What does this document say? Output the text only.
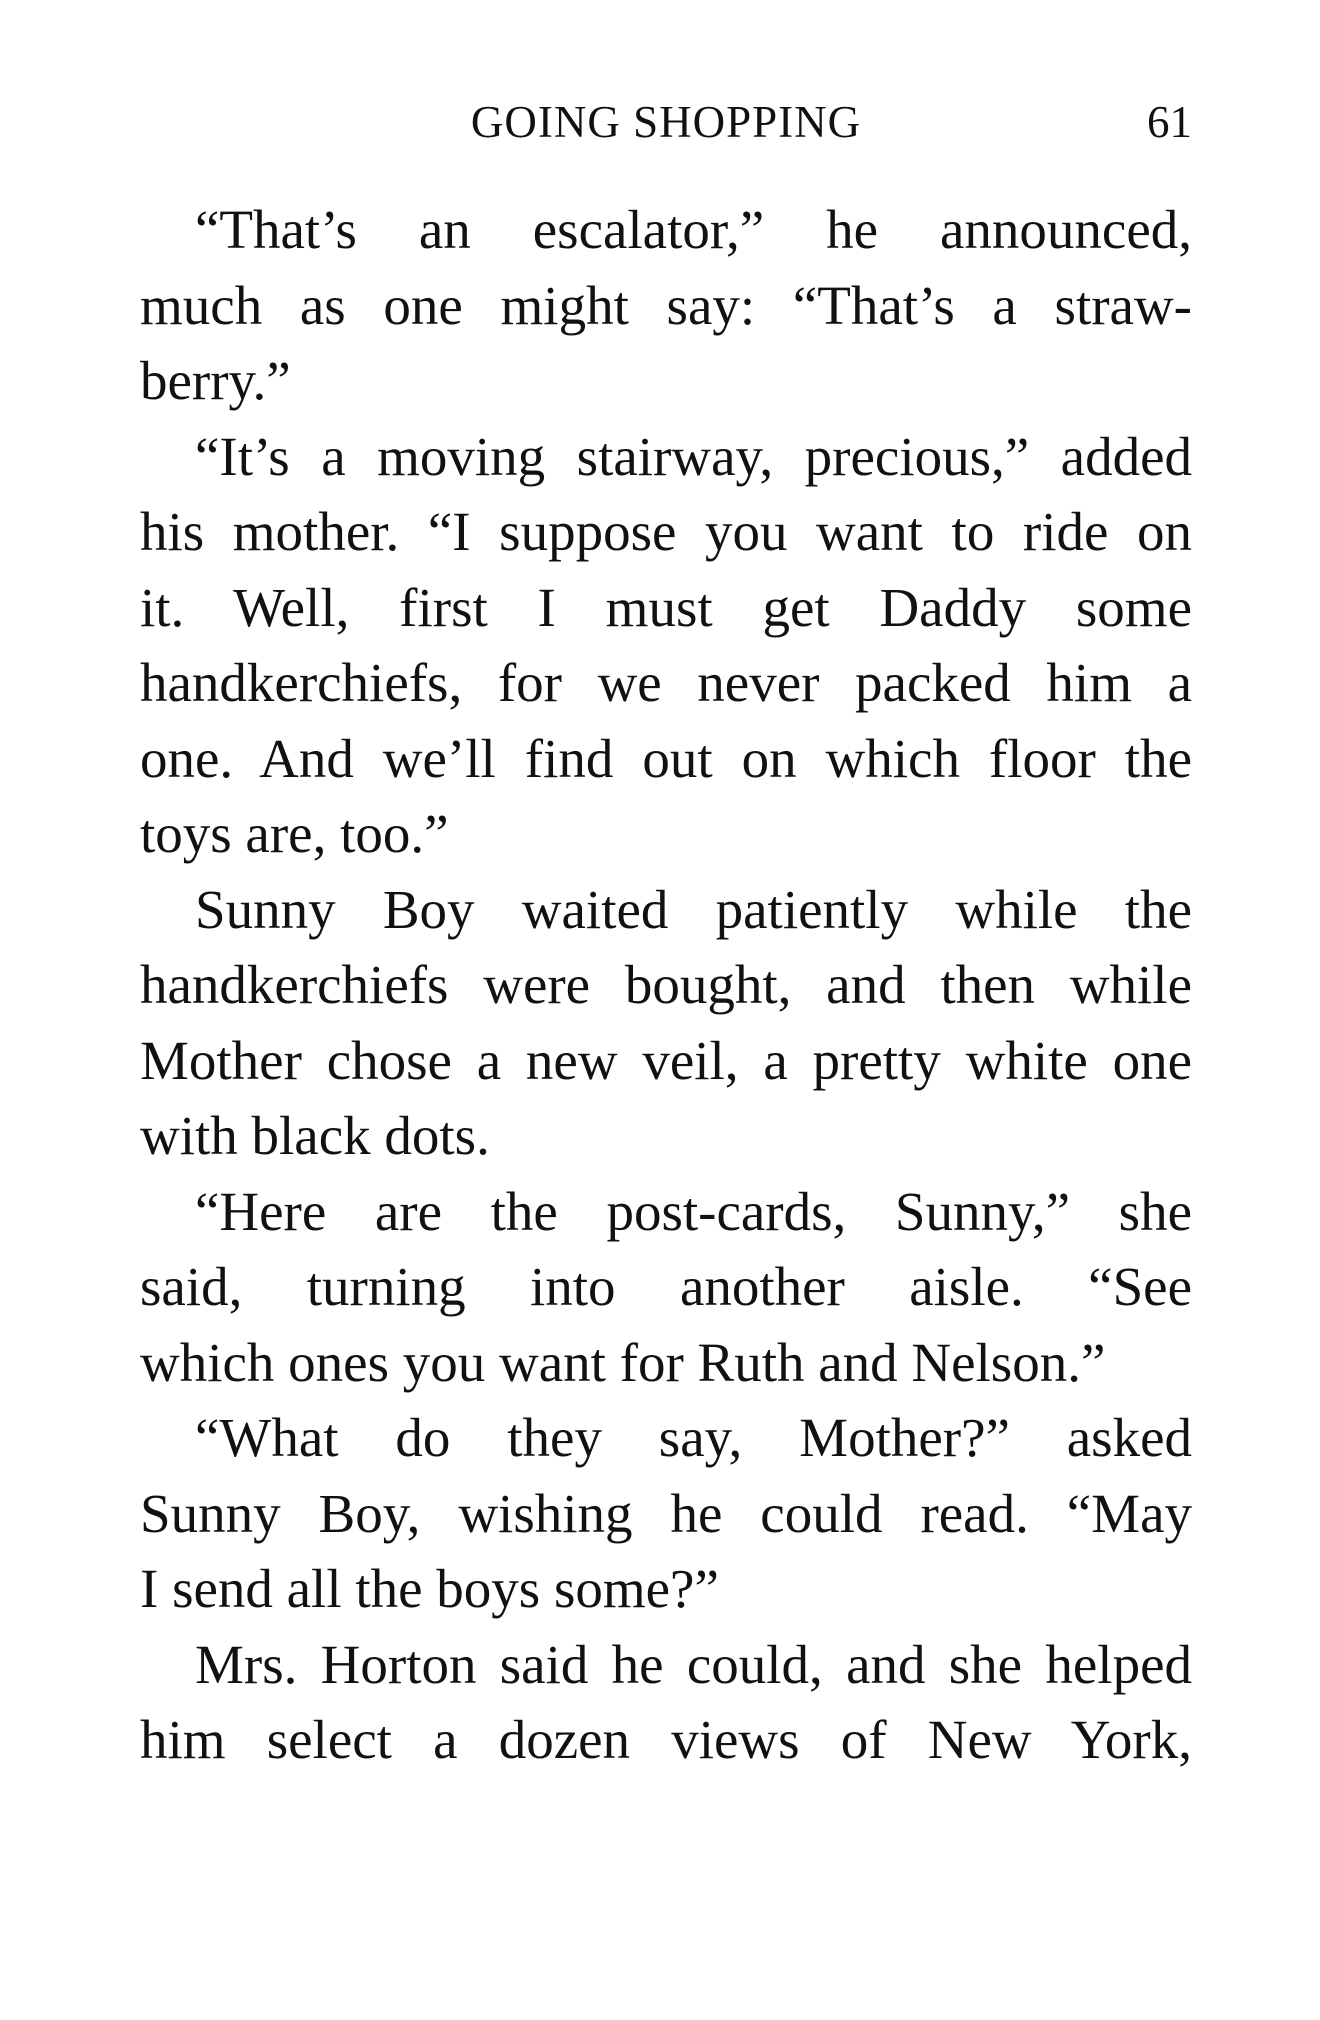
GOING SHOPPING	61
“That’s an escalator,” he announced,
much as one might say: “That’s a straw-
berry.”
“It’s a moving stairway, precious,” added
his mother. “I suppose you want to ride on
it. Well, first I must get Daddy some
handkerchiefs, for we never packed him a
one. And we’ll find out on which floor the
toys are, too.”
Sunny Boy waited patiently while the
handkerchiefs were bought, and then while
Mother chose a new veil, a pretty white one
with black dots.
“Here are the post-cards, Sunny,” she
said, turning into another aisle. “See
which ones you want for Ruth and Nelson.”
“What do they say, Mother?” asked
Sunny Boy, wishing he could read. “May
I send all the boys some?”
Mrs. Horton said he could, and she helped
him select a dozen views of New York,
